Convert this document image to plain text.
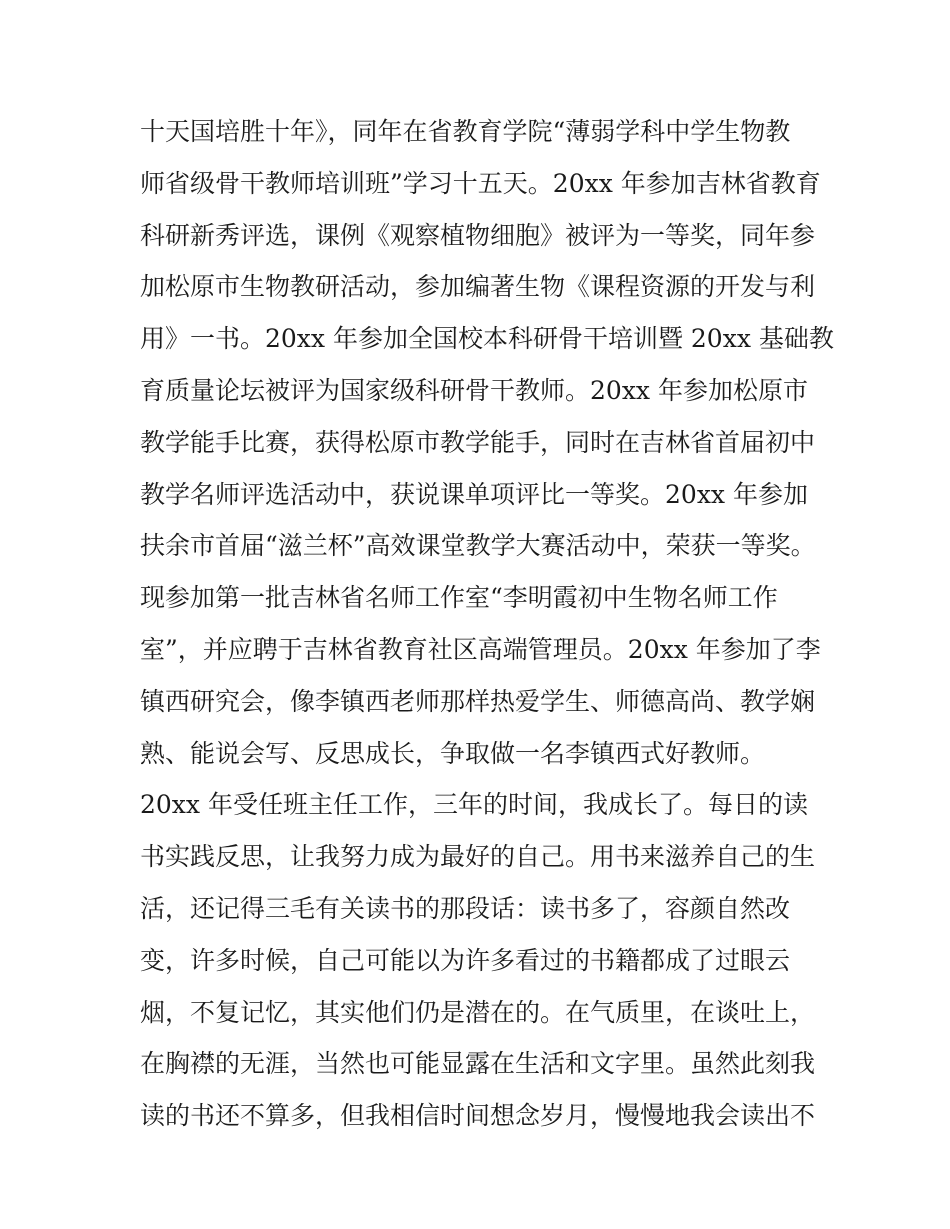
十天国培胜十年》，同年在省教育学院“薄弱学科中学生物教
师省级骨干教师培训班”学习十五天。20xx 年参加吉林省教育
科研新秀评选，课例《观察植物细胞》被评为一等奖，同年参
加松原市生物教研活动，参加编著生物《课程资源的开发与利
用》一书。20xx 年参加全国校本科研骨干培训暨 20xx 基础教
育质量论坛被评为国家级科研骨干教师。20xx 年参加松原市
教学能手比赛，获得松原市教学能手，同时在吉林省首届初中
教学名师评选活动中，获说课单项评比一等奖。20xx 年参加
扶余市首届“滋兰杯”高效课堂教学大赛活动中，荣获一等奖。
现参加第一批吉林省名师工作室“李明霞初中生物名师工作
室”，并应聘于吉林省教育社区高端管理员。20xx 年参加了李
镇西研究会，像李镇西老师那样热爱学生、师德高尚、教学娴
熟、能说会写、反思成长，争取做一名李镇西式好教师。
20xx 年受任班主任工作，三年的时间，我成长了。每日的读
书实践反思，让我努力成为最好的自己。用书来滋养自己的生
活，还记得三毛有关读书的那段话：读书多了，容颜自然改
变，许多时候，自己可能以为许多看过的书籍都成了过眼云
烟，不复记忆，其实他们仍是潜在的。在气质里，在谈吐上，
在胸襟的无涯，当然也可能显露在生活和文字里。虽然此刻我
读的书还不算多，但我相信时间想念岁月，慢慢地我会读出不
